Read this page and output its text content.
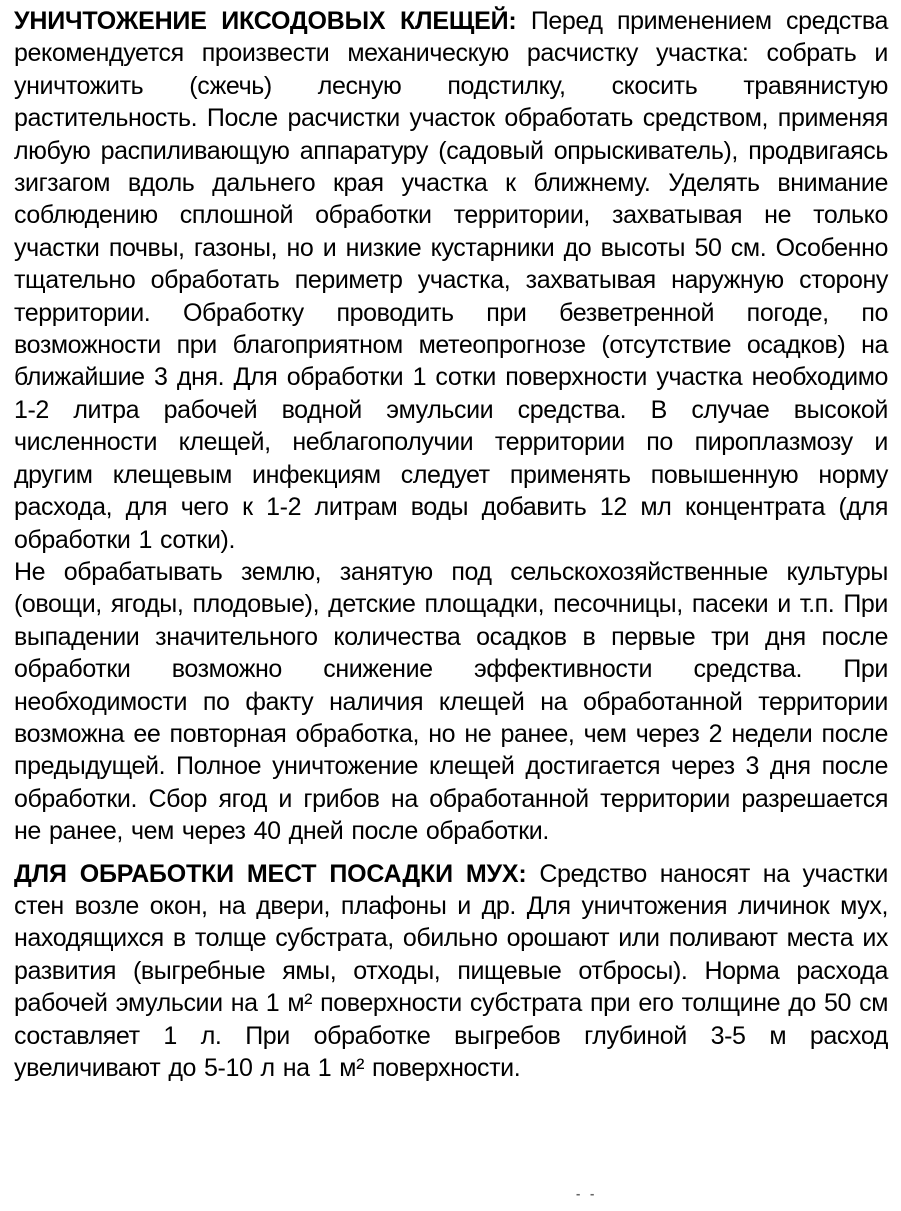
УНИЧТОЖЕНИЕ ИКСОДОВЫХ КЛЕЩЕЙ: Перед применением средства рекомендуется произвести механическую расчистку участка: собрать и уничтожить (сжечь) лесную подстилку, скосить травянистую растительность. После расчистки участок обработать средством, применяя любую распиливающую аппаратуру (садовый опрыскиватель), продвигаясь зигзагом вдоль дальнего края участка к ближнему. Уделять внимание соблюдению сплошной обработки территории, захватывая не только участки почвы, газоны, но и низкие кустарники до высоты 50 см. Особенно тщательно обработать периметр участка, захватывая наружную сторону территории. Обработку проводить при безветренной погоде, по возможности при благоприятном метеопрогнозе (отсутствие осадков) на ближайшие 3 дня. Для обработки 1 сотки поверхности участка необходимо 1-2 литра рабочей водной эмульсии средства. В случае высокой численности клещей, неблагополучии территории по пироплазмозу и другим клещевым инфекциям следует применять повышенную норму расхода, для чего к 1-2 литрам воды добавить 12 мл концентрата (для обработки 1 сотки).

Не обрабатывать землю, занятую под сельскохозяйственные культуры (овощи, ягоды, плодовые), детские площадки, песочницы, пасеки и т.п. При выпадении значительного количества осадков в первые три дня после обработки возможно снижение эффективности средства. При необходимости по факту наличия клещей на обработанной территории возможна ее повторная обработка, но не ранее, чем через 2 недели после предыдущей. Полное уничтожение клещей достигается через 3 дня после обработки. Сбор ягод и грибов на обработанной территории разрешается не ранее, чем через 40 дней после обработки.

ДЛЯ ОБРАБОТКИ МЕСТ ПОСАДКИ МУХ: Средство наносят на участки стен возле окон, на двери, плафоны и др. Для уничтожения личинок мух, находящихся в толще субстрата, обильно орошают или поливают места их развития (выгребные ямы, отходы, пищевые отбросы). Норма расхода рабочей эмульсии на 1 м² поверхности субстрата при его толщине до 50 см составляет 1 л. При обработке выгребов глубиной 3-5 м расход увеличивают до 5-10 л на 1 м² поверхности.

- -
